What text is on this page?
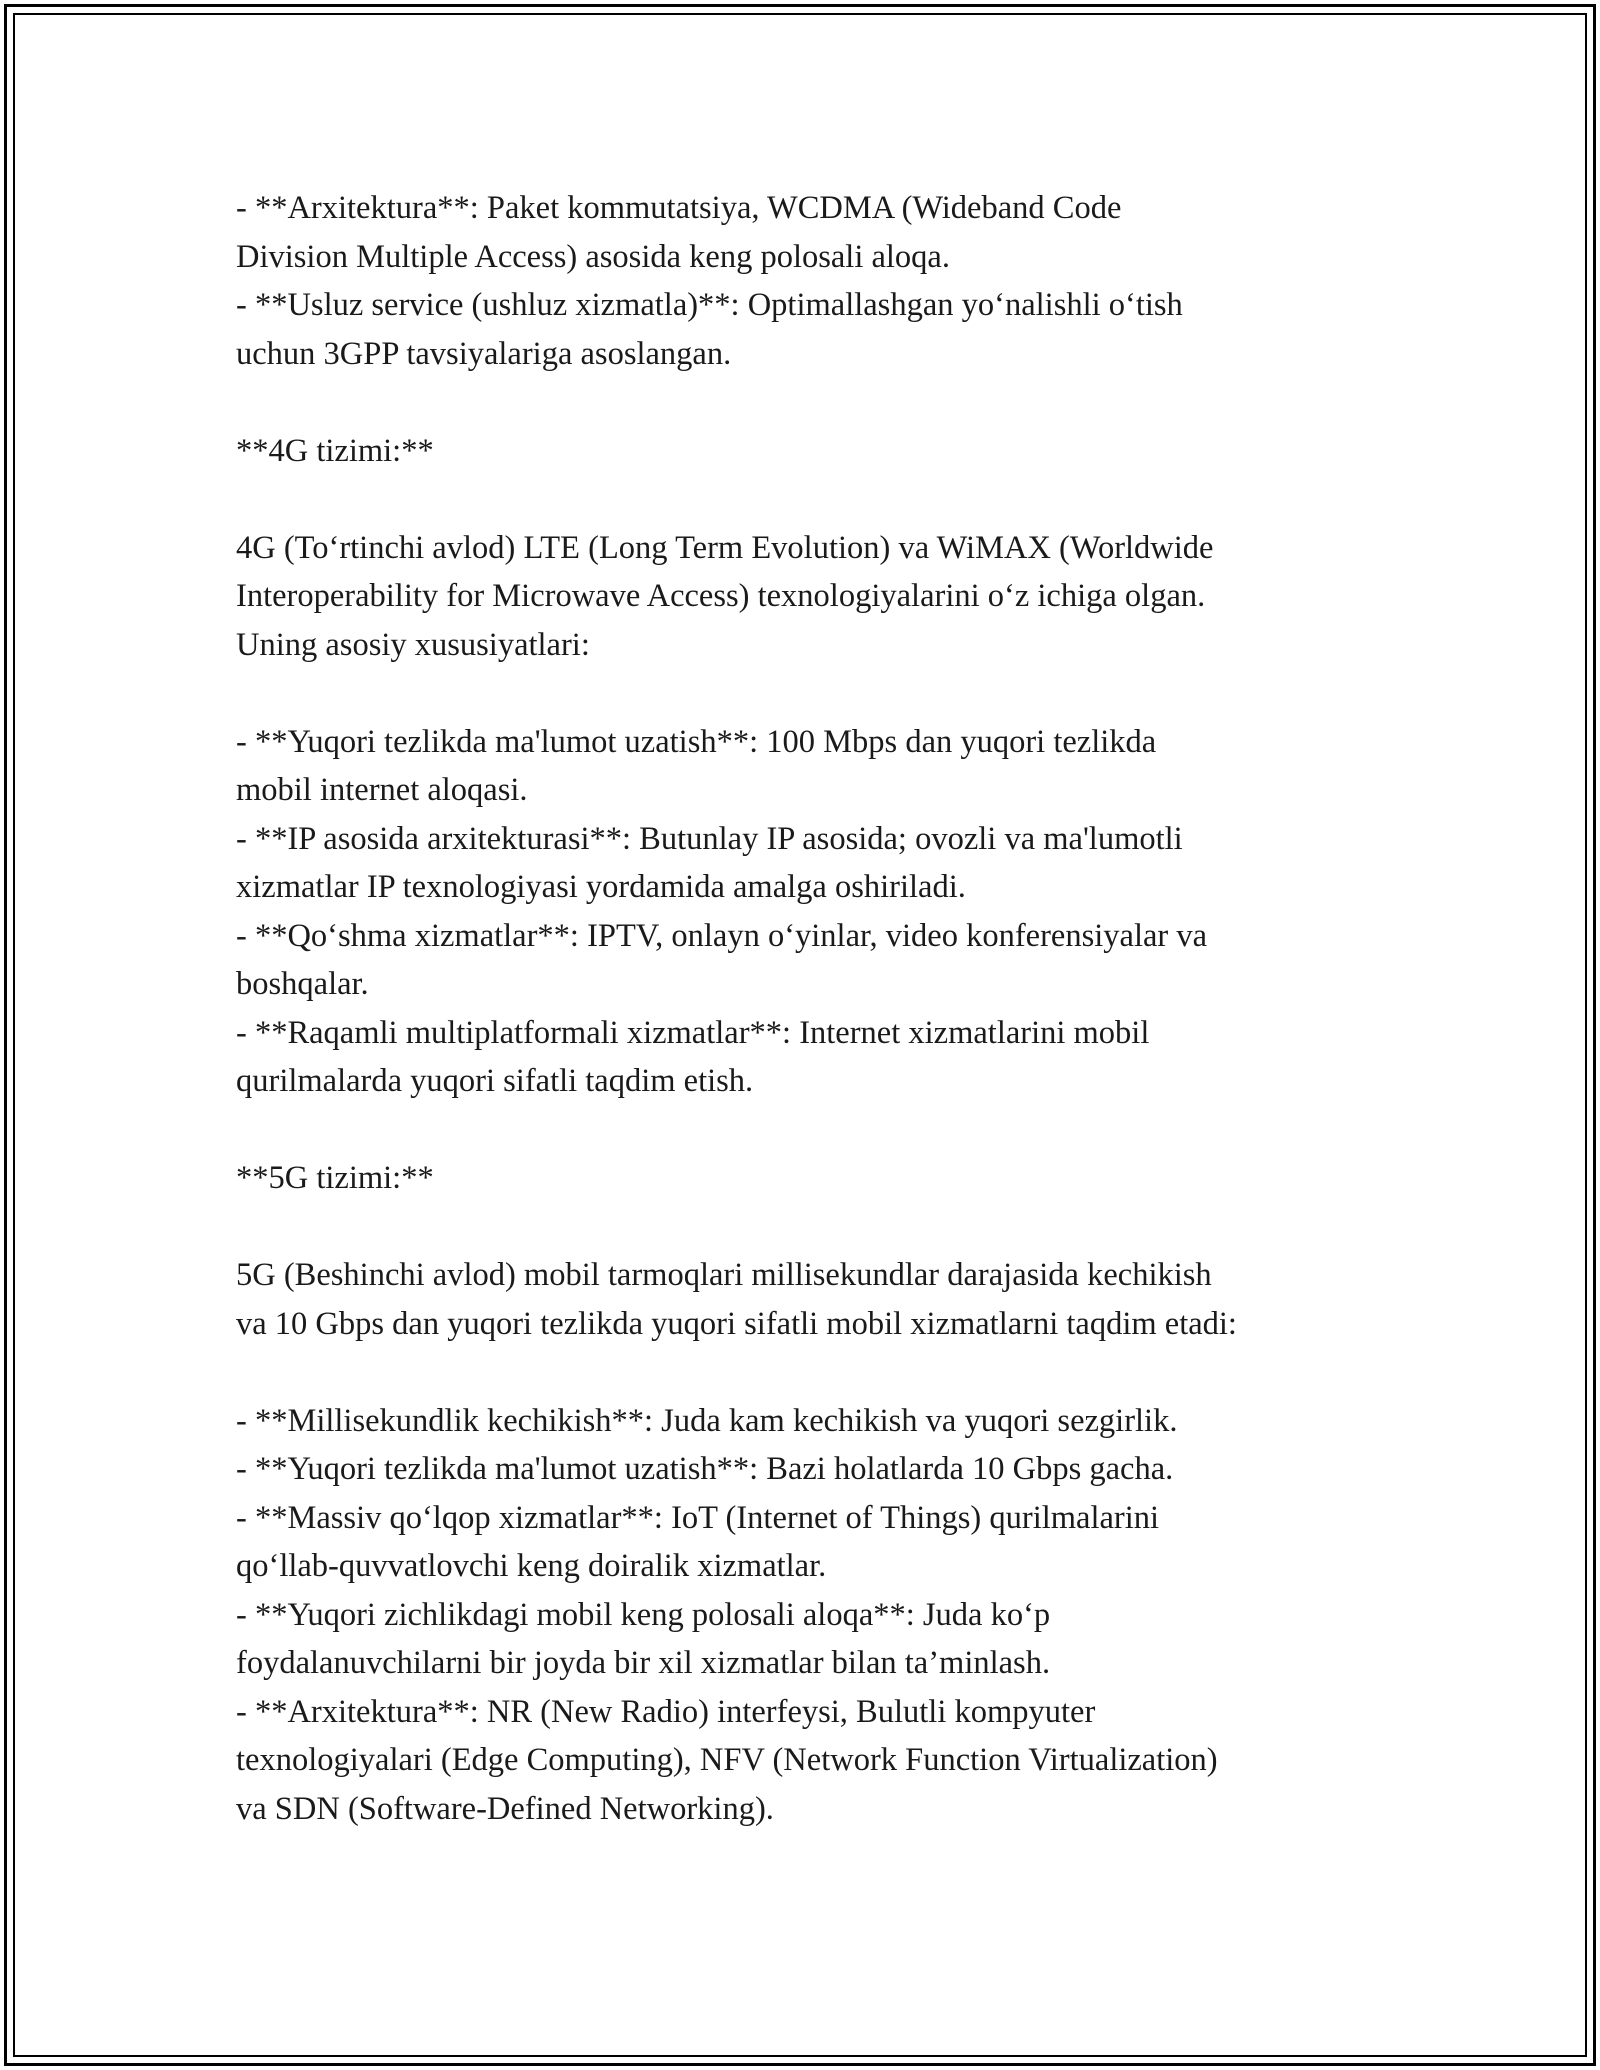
- **Arxitektura**: Paket kommutatsiya, WCDMA (Wideband Code
Division Multiple Access) asosida keng polosali aloqa.
- **Usluz service (ushluz xizmatla)**: Optimallashgan yo‘nalishli o‘tish
uchun 3GPP tavsiyalariga asoslangan.
**4G tizimi:**
4G (To‘rtinchi avlod) LTE (Long Term Evolution) va WiMAX (Worldwide
Interoperability for Microwave Access) texnologiyalarini o‘z ichiga olgan.
Uning asosiy xususiyatlari:
- **Yuqori tezlikda ma'lumot uzatish**: 100 Mbps dan yuqori tezlikda
mobil internet aloqasi.
- **IP asosida arxitekturasi**: Butunlay IP asosida; ovozli va ma'lumotli
xizmatlar IP texnologiyasi yordamida amalga oshiriladi.
- **Qo‘shma xizmatlar**: IPTV, onlayn o‘yinlar, video konferensiyalar va
boshqalar.
- **Raqamli multiplatformali xizmatlar**: Internet xizmatlarini mobil
qurilmalarda yuqori sifatli taqdim etish.
**5G tizimi:**
5G (Beshinchi avlod) mobil tarmoqlari millisekundlar darajasida kechikish
va 10 Gbps dan yuqori tezlikda yuqori sifatli mobil xizmatlarni taqdim etadi:
- **Millisekundlik kechikish**: Juda kam kechikish va yuqori sezgirlik.
- **Yuqori tezlikda ma'lumot uzatish**: Bazi holatlarda 10 Gbps gacha.
- **Massiv qo‘lqop xizmatlar**: IoT (Internet of Things) qurilmalarini
qo‘llab-quvvatlovchi keng doiralik xizmatlar.
- **Yuqori zichlikdagi mobil keng polosali aloqa**: Juda ko‘p
foydalanuvchilarni bir joyda bir xil xizmatlar bilan ta’minlash.
- **Arxitektura**: NR (New Radio) interfeysi, Bulutli kompyuter
texnologiyalari (Edge Computing), NFV (Network Function Virtualization)
va SDN (Software-Defined Networking).
